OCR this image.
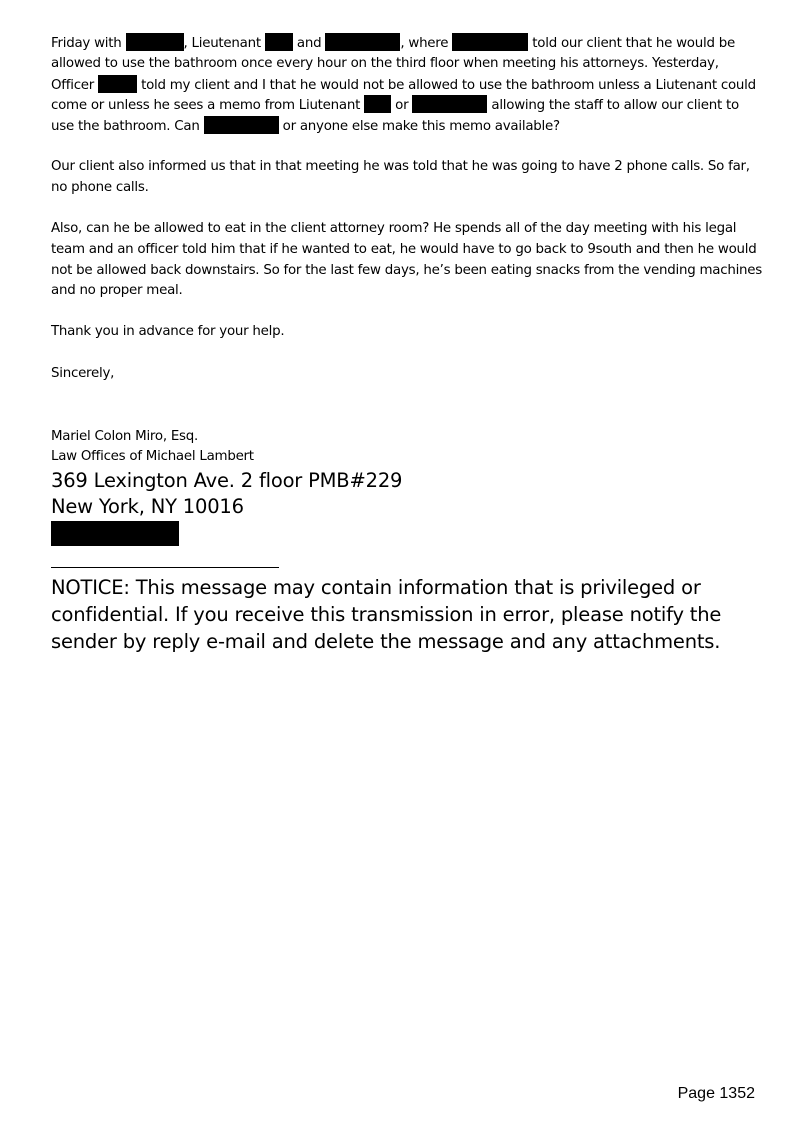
Friday with	, Lieutenant	and	, where	told our client that he would be
allowed to use the bathroom once every hour on the third floor when meeting his attorneys. Yesterday,
Officer	told my client and I that he would not be allowed to use the bathroom unless a Liutenant could
come or unless he sees a memo from Liutenant	or	allowing the staff to allow our client to
use the bathroom. Can	or anyone else make this memo available?
Our client also informed us that in that meeting he was told that he was going to have 2 phone calls. So far,
no phone calls.
Also, can he be allowed to eat in the client attorney room? He spends all of the day meeting with his legal
team and an officer told him that if he wanted to eat, he would have to go back to 9south and then he would
not be allowed back downstairs. So for the last few days, he’s been eating snacks from the vending machines
and no proper meal.
Thank you in advance for your help.
Sincerely,
Mariel Colon Miro, Esq.
Law Offices of Michael Lambert
369 Lexington Ave. 2 floor PMB#229
New York, NY 10016
NOTICE: This message may contain information that is privileged or confidential. If you receive this transmission in error, please notify the sender by reply e-mail and delete the message and any attachments.
Page 1352
